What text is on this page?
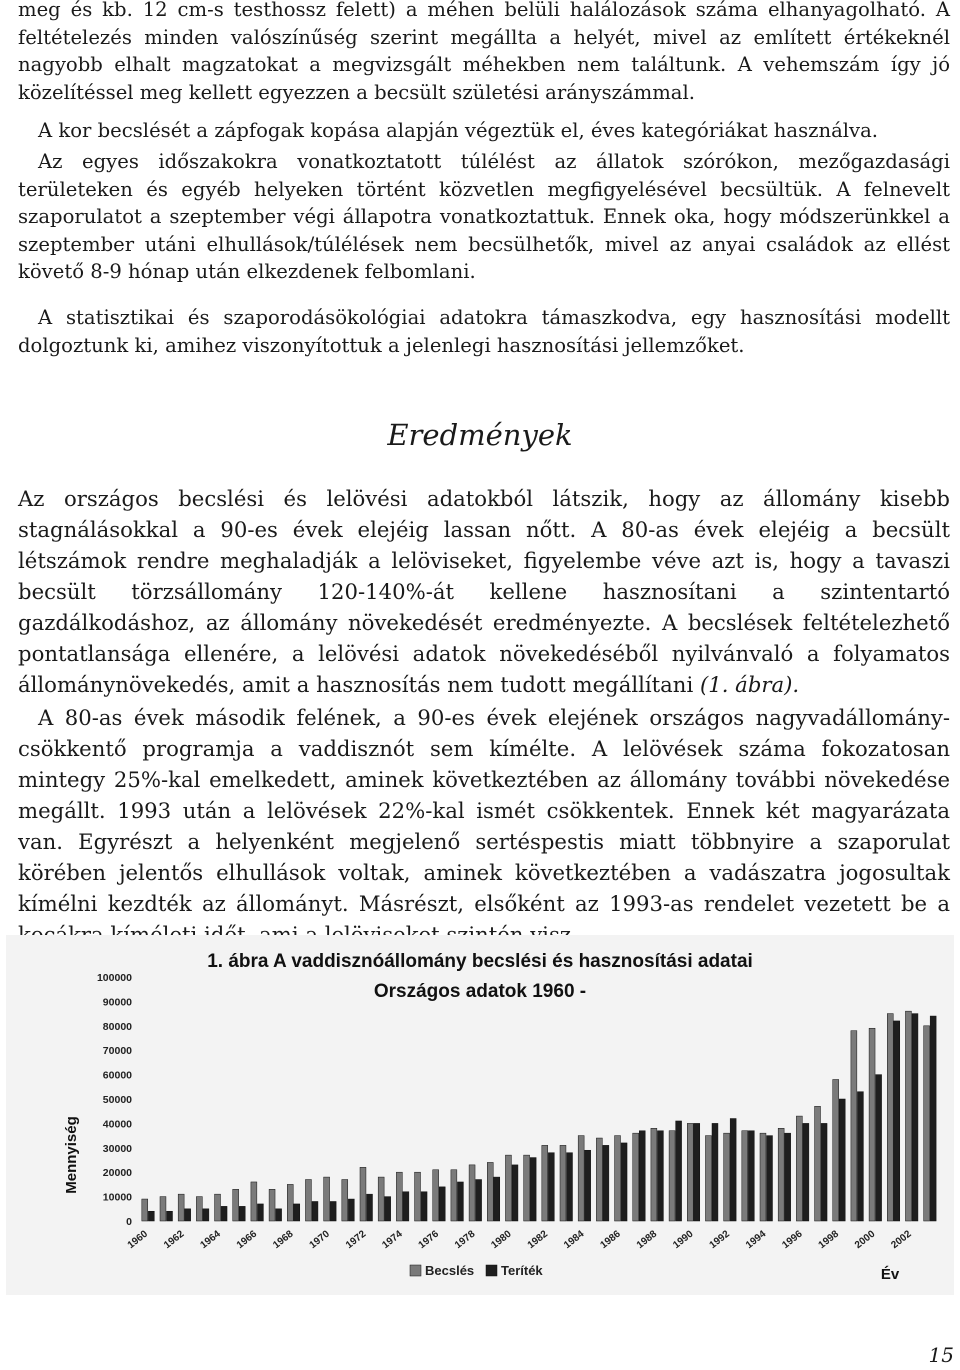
meg és kb. 12 cm-s testhossz felett) a méhen belüli halálozások száma elhanyagolható. A feltételezés minden valószínűség szerint megállta a helyét, mivel az említett értékeknél nagyobb elhalt magzatokat a megvizsgált méhekben nem találtunk. A vehemszám így jó közelítéssel meg kellett egyezzen a becsült születési arányszámmal.

A kor becslését a zápfogak kopása alapján végeztük el, éves kategóriákat használva.

Az egyes időszakokra vonatkoztatott túlélést az állatok szórókon, mezőgazdasági területeken és egyéb helyeken történt közvetlen megfigyelésével becsültük. A felnevelt szaporulatot a szeptember végi állapotra vonatkoztattuk. Ennek oka, hogy módszerünkkel a szeptember utáni elhullások/túlélések nem becsülhetők, mivel az anyai családok az ellést követő 8-9 hónap után elkezdenek felbomlani.

A statisztikai és szaporodásökológiai adatokra támaszkodva, egy hasznosítási modellt dolgoztunk ki, amihez viszonyítottuk a jelenlegi hasznosítási jellemzőket.

Eredmények

Az országos becslési és lelövési adatokból látszik, hogy az állomány kisebb stagnálásokkal a 90-es évek elejéig lassan nőtt. A 80-as évek elejéig a becsült létszámok rendre meghaladják a lelöviseket, figyelembe véve azt is, hogy a tavaszi becsült törzsállomány 120-140%-át kellene hasznosítani a szintentartó gazdálkodáshoz, az állomány növekedését eredményezte. A becslések feltételezhető pontatlansága ellenére, a lelövési adatok növekedéséből nyilvánvaló a folyamatos állománynövekedés, amit a hasznosítás nem tudott megállítani (1. ábra).

A 80-as évek második felének, a 90-es évek elejének országos nagyvadállomány-csökkentő programja a vaddisznót sem kímélte. A lelövések száma fokozatosan mintegy 25%-kal emelkedett, aminek következtében az állomány további növekedése megállt. 1993 után a lelövések 22%-kal ismét csökkentek. Ennek két magyarázata van. Egyrészt a helyenként megjelenő sertéspestis miatt többnyire a szaporulat körében jelentős elhullások voltak, aminek következtében a vadászatra jogosultak kímélni kezdték az állományt. Másrészt, elsőként az 1993-as rendelet vezetett be a

1. ábra A vaddisznóállomány becslési és hasznosítási adatai
Országos adatok 1960 -
Mennyiség
Év
100000
90000
80000
70000
60000
50000
40000
30000
20000
10000
0
1960 1962 1964 1966 1968 1970 1972 1974 1976 1978 1980 1982 1984 1986 1988 1990 1992 1994 1996 1998 2000 2002
Becslés Teríték
15
